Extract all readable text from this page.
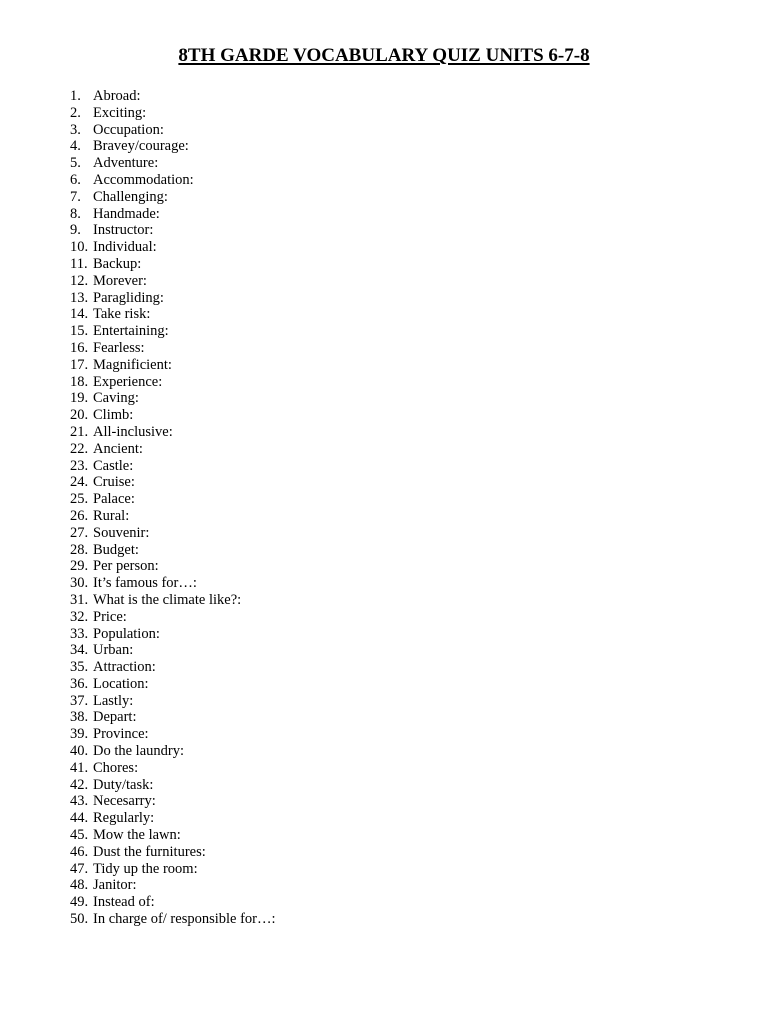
8TH GARDE VOCABULARY QUIZ UNITS 6-7-8
1. Abroad:
2. Exciting:
3. Occupation:
4. Bravey/courage:
5. Adventure:
6. Accommodation:
7. Challenging:
8. Handmade:
9. Instructor:
10. Individual:
11. Backup:
12. Morever:
13. Paragliding:
14. Take risk:
15. Entertaining:
16. Fearless:
17. Magnificient:
18. Experience:
19. Caving:
20. Climb:
21. All-inclusive:
22. Ancient:
23. Castle:
24. Cruise:
25. Palace:
26. Rural:
27. Souvenir:
28. Budget:
29. Per person:
30. It’s famous for…:
31. What is the climate like?:
32. Price:
33. Population:
34. Urban:
35. Attraction:
36. Location:
37. Lastly:
38. Depart:
39. Province:
40. Do the laundry:
41. Chores:
42. Duty/task:
43. Necesarry:
44. Regularly:
45. Mow the lawn:
46. Dust the furnitures:
47. Tidy up the room:
48. Janitor:
49. Instead of:
50. In charge of/ responsible for…:
